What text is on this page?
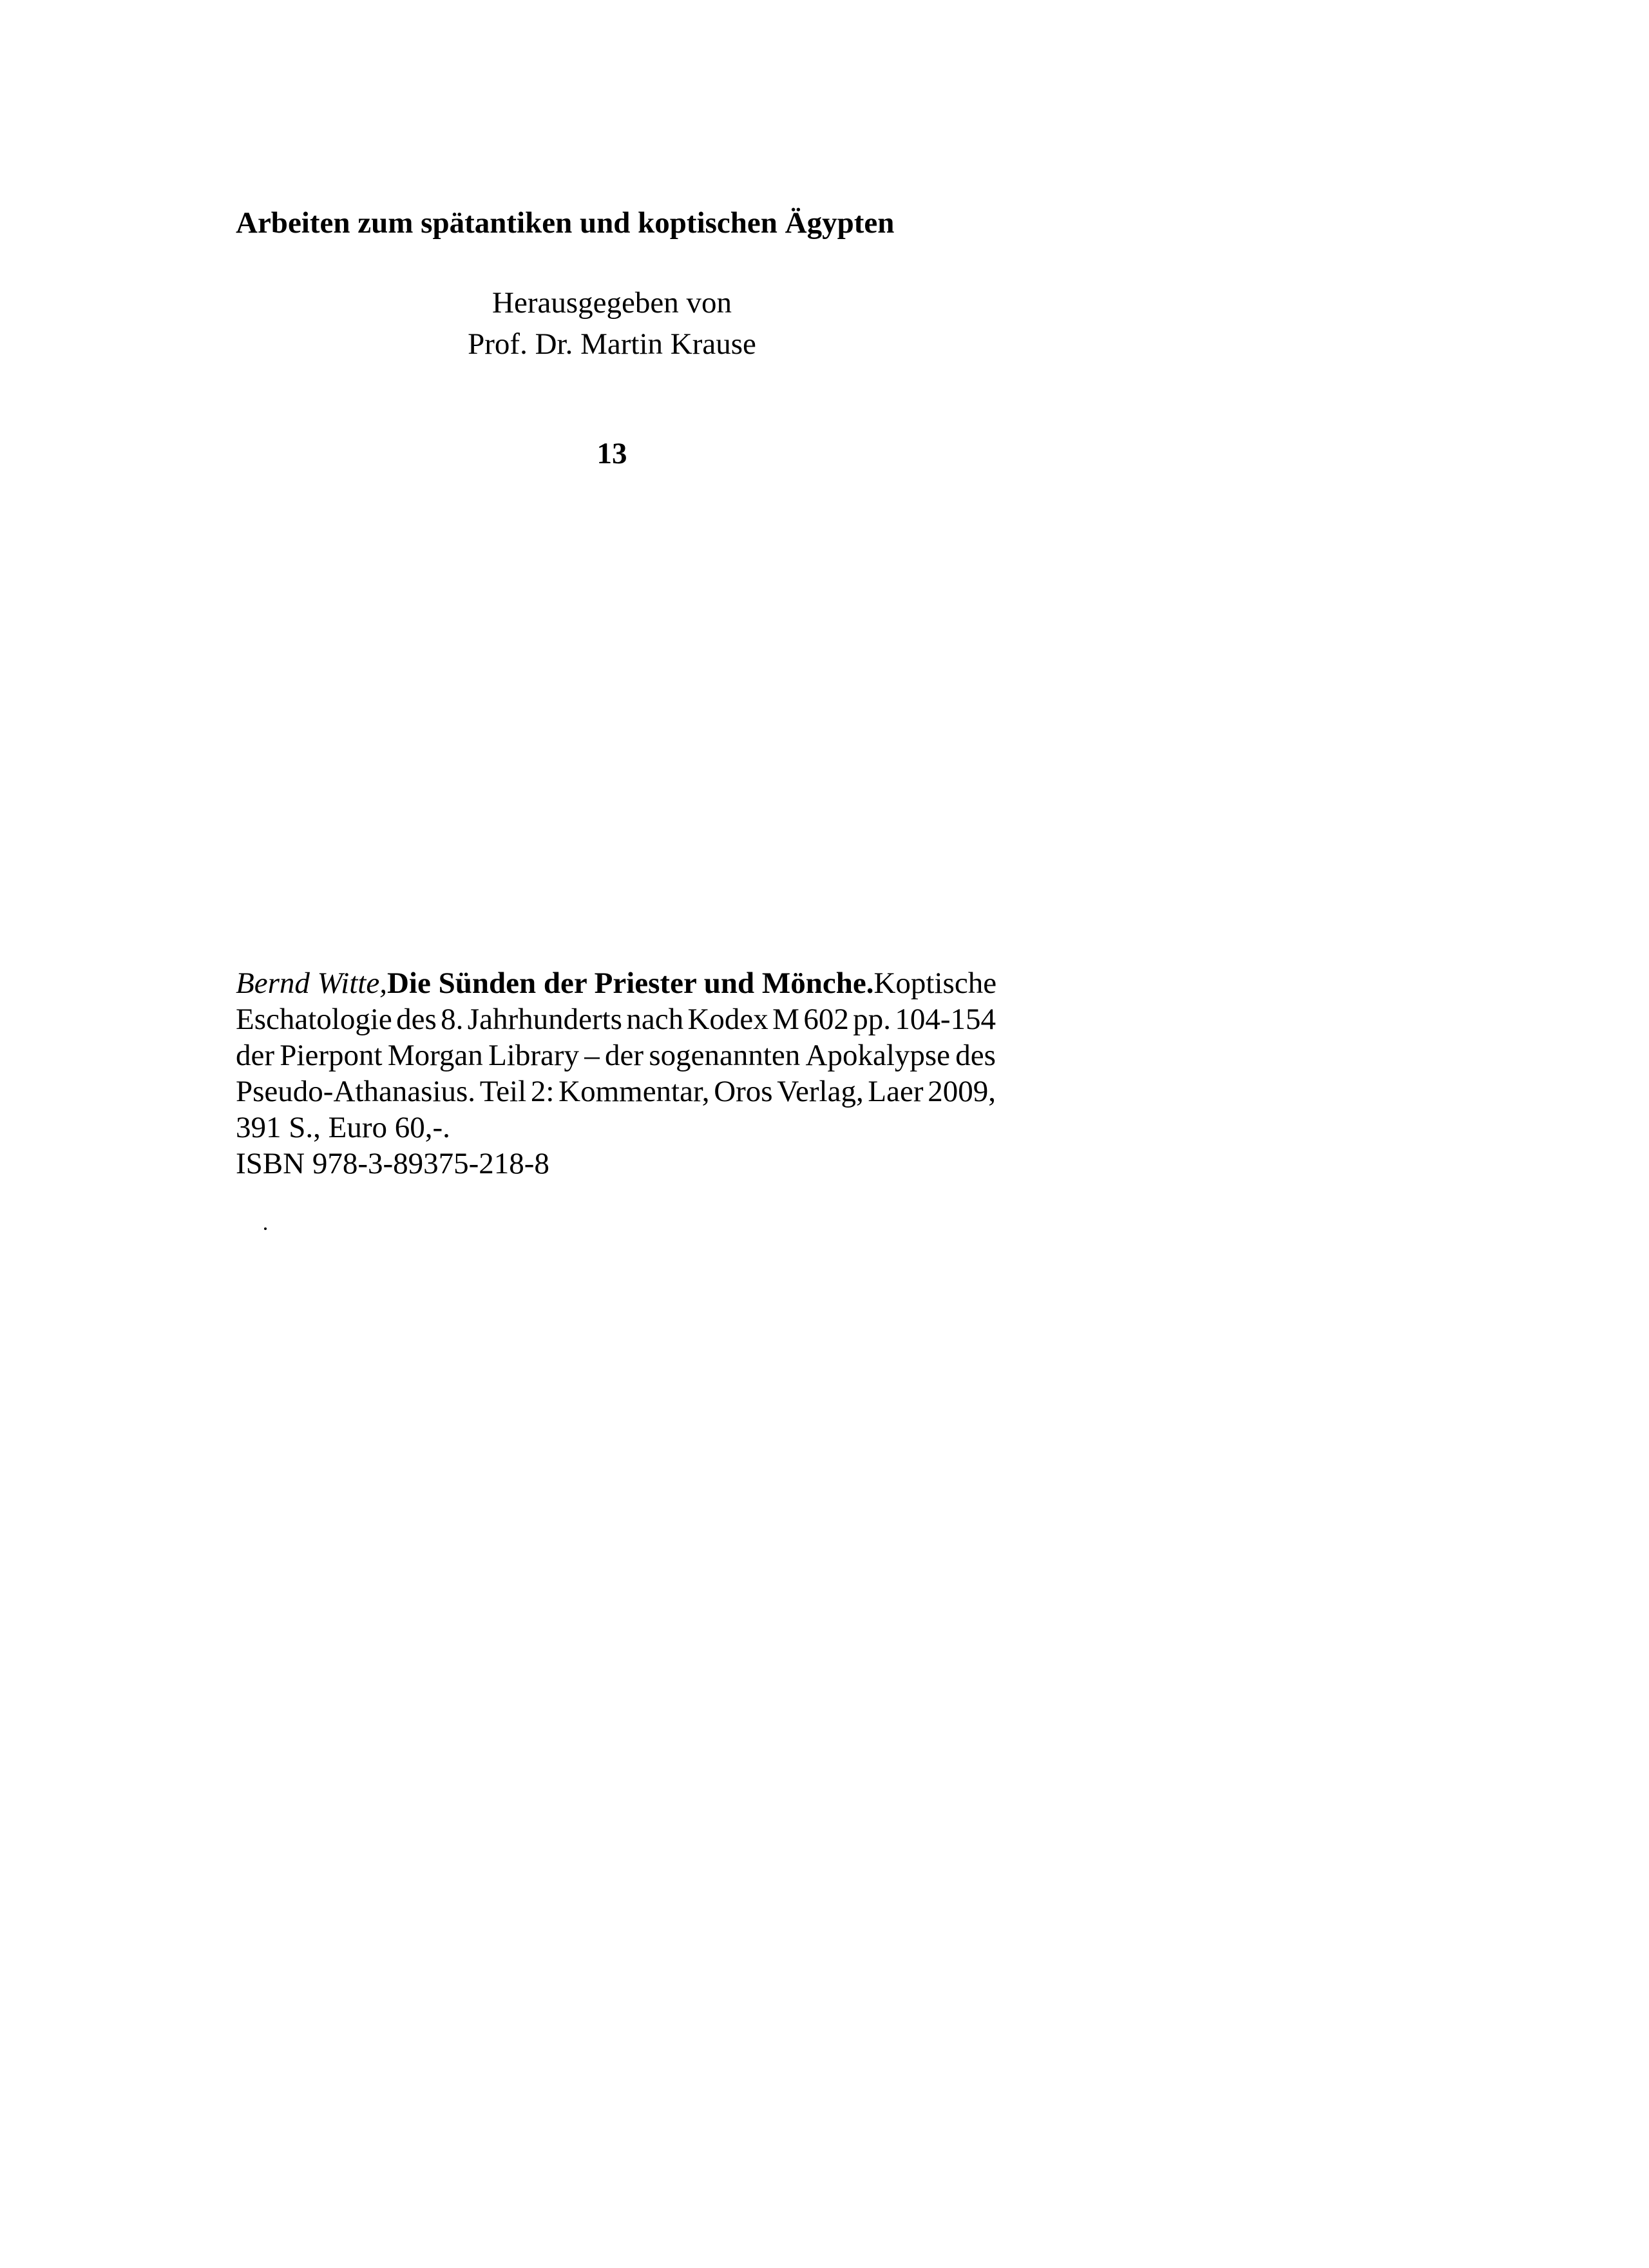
Arbeiten zum spätantiken und koptischen Ägypten
Herausgegeben von
Prof. Dr. Martin Krause
13
Bernd Witte, Die Sünden der Priester und Mönche. Koptische
Eschatologie des 8. Jahrhunderts nach Kodex M 602 pp. 104-154
der Pierpont Morgan Library – der sogenannten Apokalypse des
Pseudo-Athanasius. Teil 2: Kommentar, Oros Verlag, Laer 2009,
391 S., Euro 60,-.
ISBN 978-3-89375-218-8
